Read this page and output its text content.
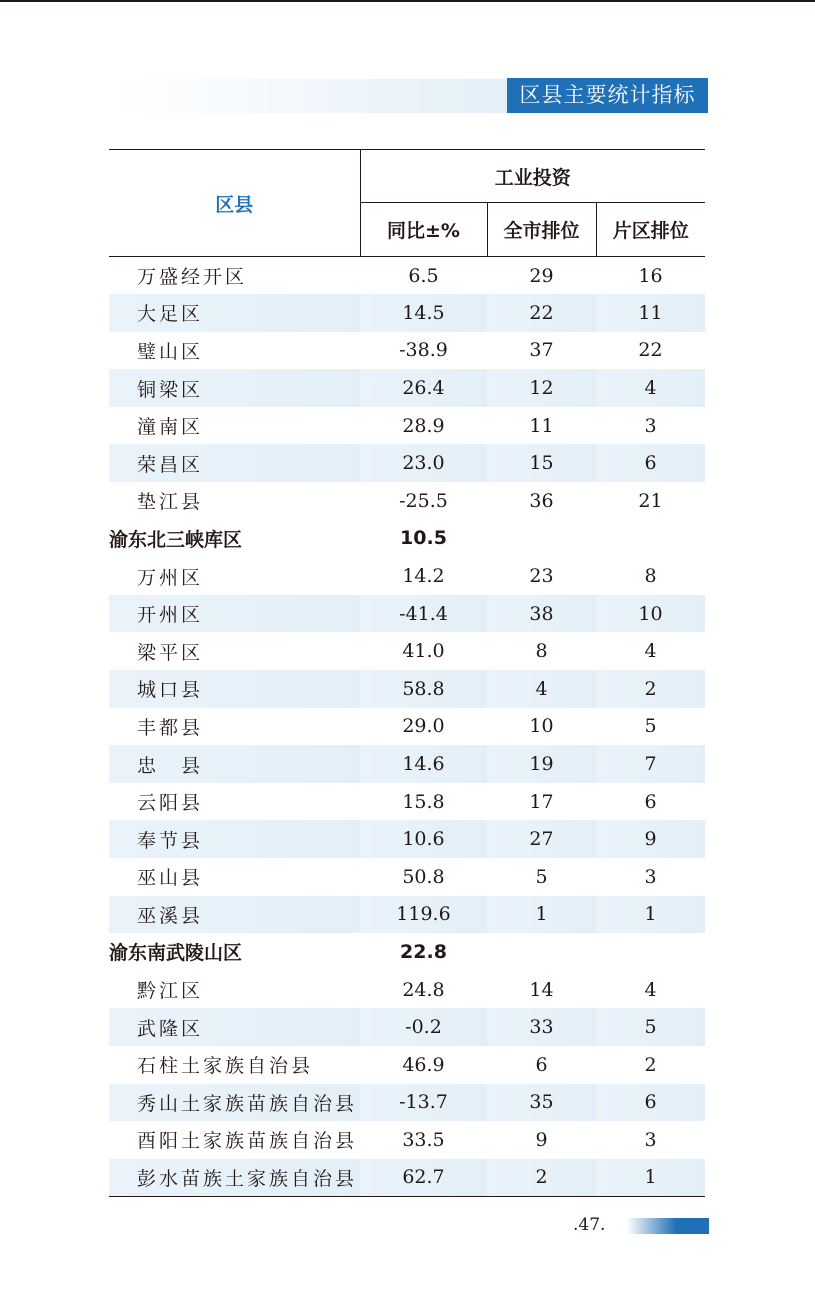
区县主要统计指标
区县	工业投资		
	同比±%	全市排位	片区排位
万盛经开区	6.5	29	16
大足区	14.5	22	11
璧山区	-38.9	37	22
铜梁区	26.4	12	4
潼南区	28.9	11	3
荣昌区	23.0	15	6
垫江县	-25.5	36	21
渝东北三峡库区	10.5		
万州区	14.2	23	8
开州区	-41.4	38	10
梁平区	41.0	8	4
城口县	58.8	4	2
丰都县	29.0	10	5
忠　县	14.6	19	7
云阳县	15.8	17	6
奉节县	10.6	27	9
巫山县	50.8	5	3
巫溪县	119.6	1	1
渝东南武陵山区	22.8		
黔江区	24.8	14	4
武隆区	-0.2	33	5
石柱土家族自治县	46.9	6	2
秀山土家族苗族自治县	-13.7	35	6
酉阳土家族苗族自治县	33.5	9	3
彭水苗族土家族自治县	62.7	2	1
.47.
